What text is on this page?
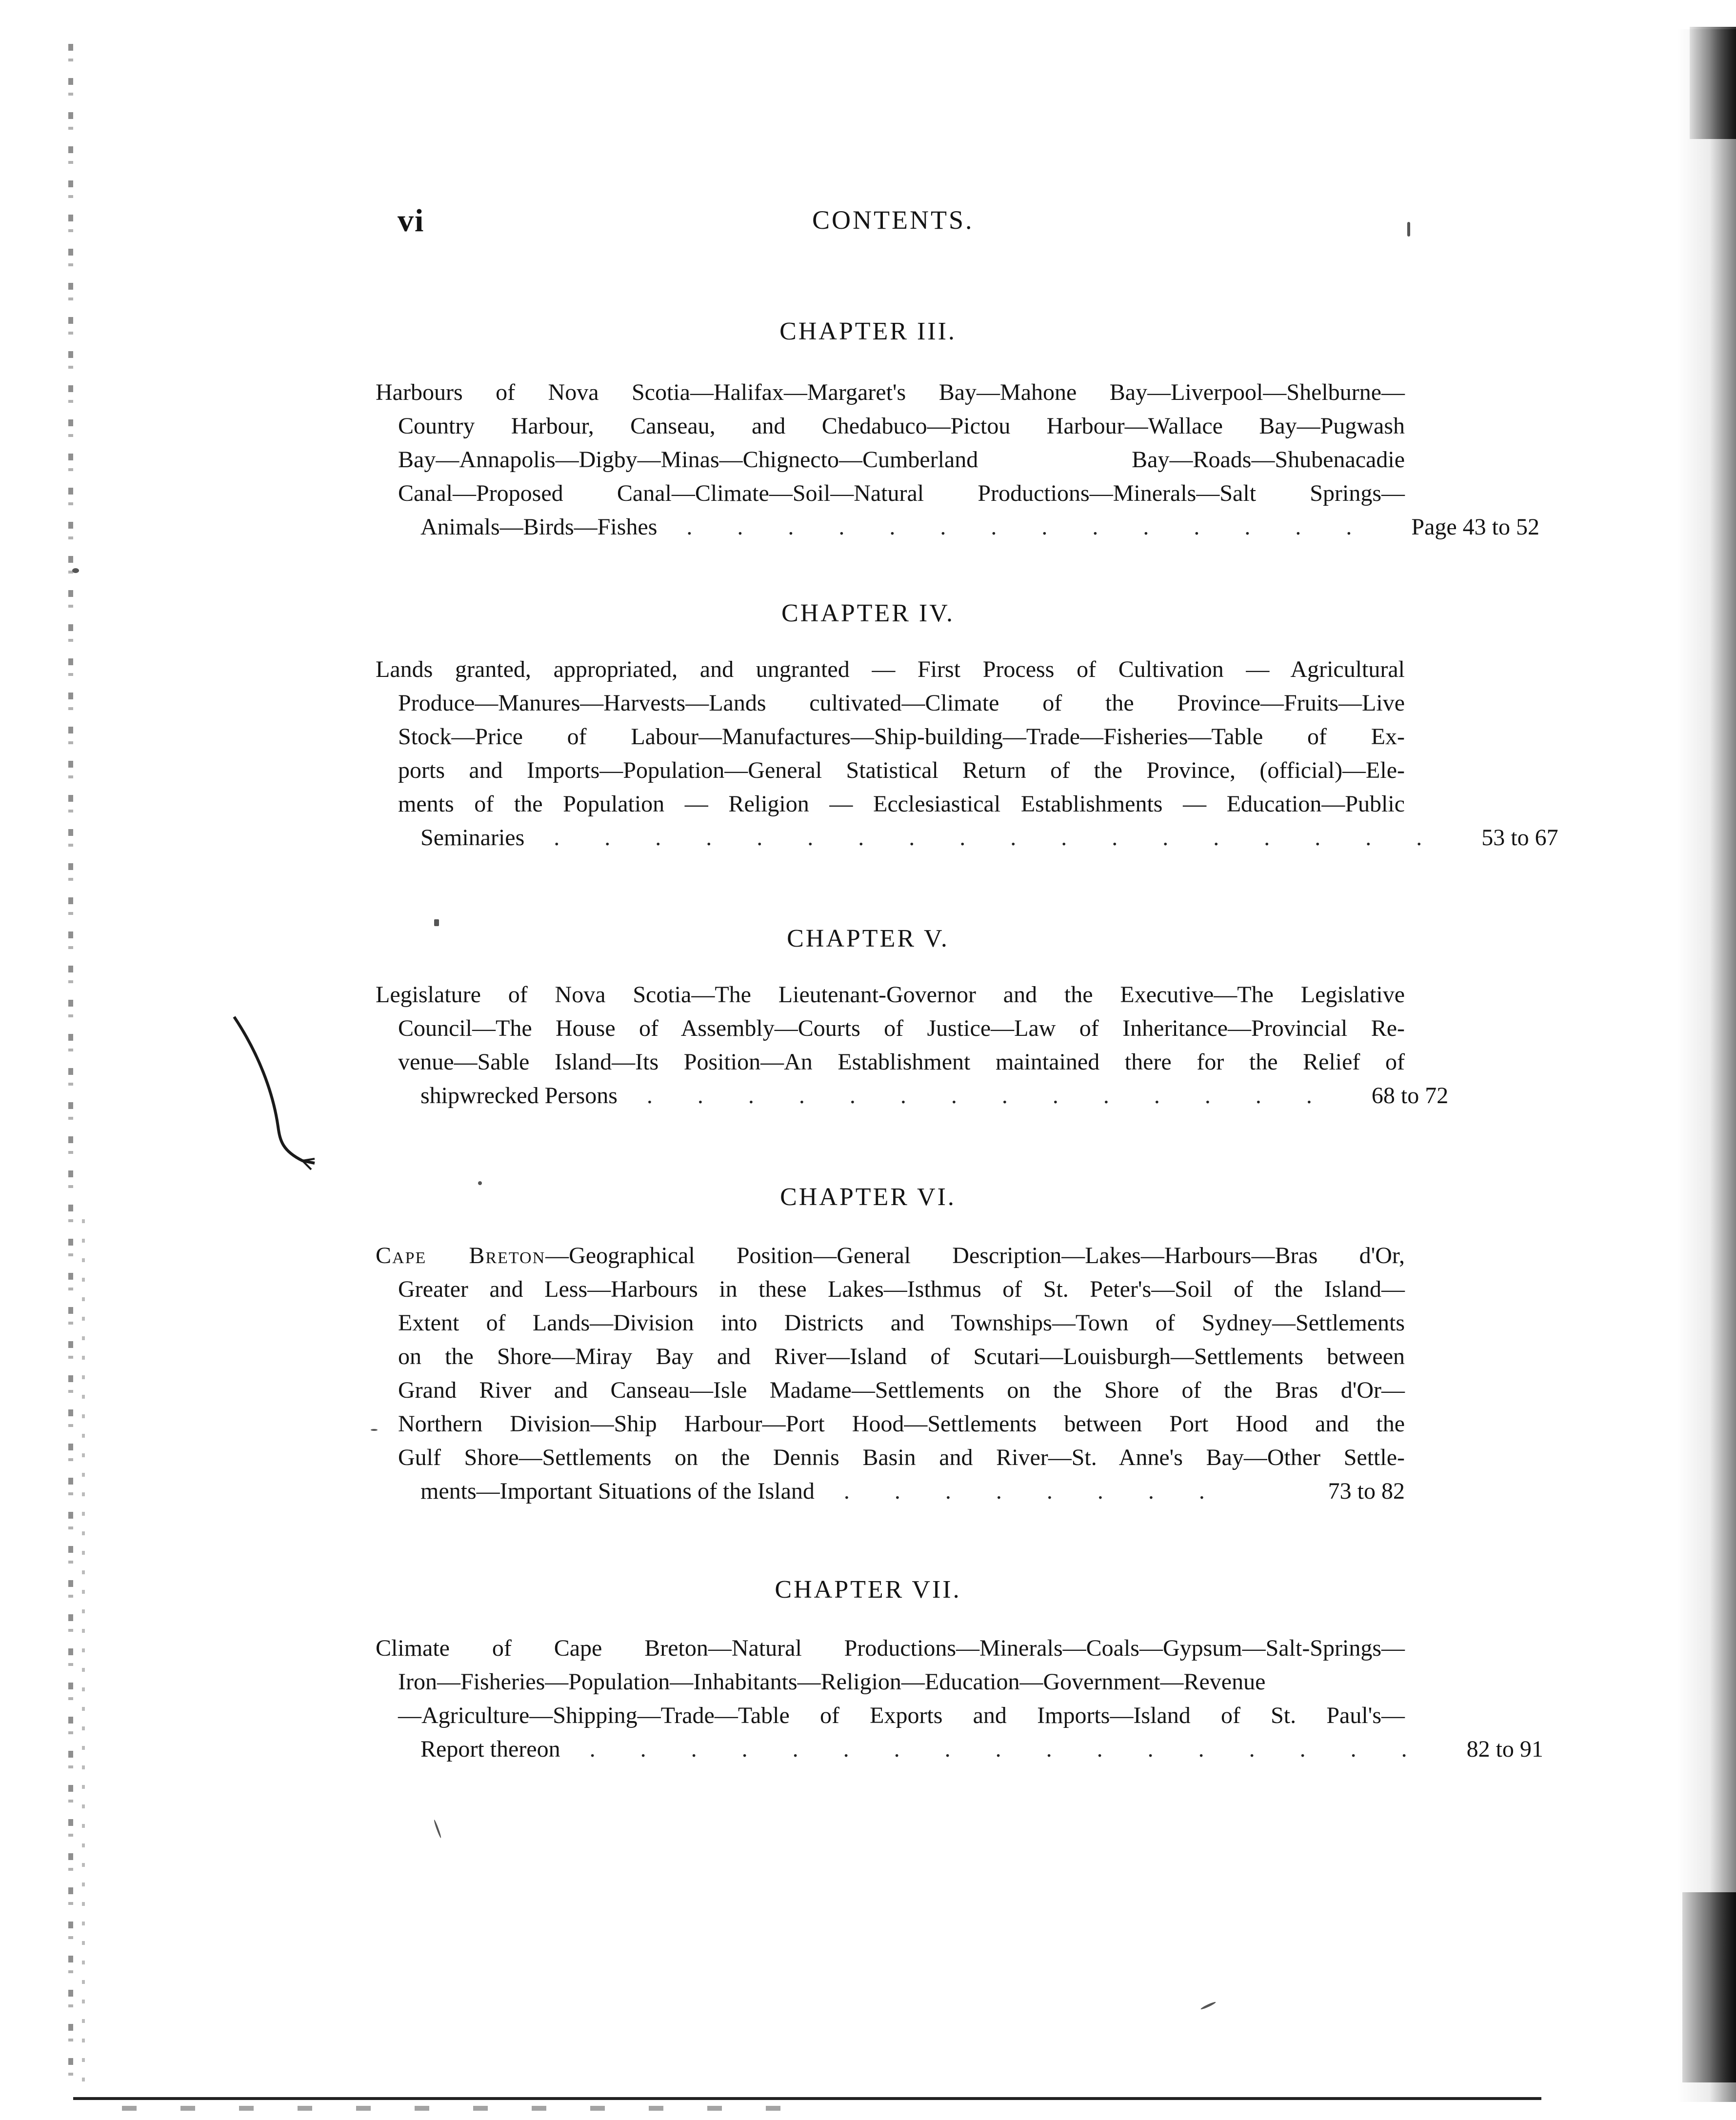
vi	CONTENTS.
CHAPTER III.
Harbours of Nova Scotia—Halifax—Margaret's Bay—Mahone Bay—Liverpool—Shelburne—
Country Harbour, Canseau, and Chedabuco—Pictou Harbour—Wallace Bay—Pugwash
Bay—Annapolis—Digby—Minas—Chignecto—Cumberland Bay—Roads—Shubenacadie
Canal—Proposed Canal—Climate—Soil—Natural Productions—Minerals—Salt Springs—
Animals—Birds—Fishes	.............. Page 43 to 52
CHAPTER IV.
Lands granted, appropriated, and ungranted — First Process of Cultivation — Agricultural
Produce—Manures—Harvests—Lands cultivated—Climate of the Province—Fruits—Live
Stock—Price of Labour—Manufactures—Ship-building—Trade—Fisheries—Table of Ex-
ports and Imports—Population—General Statistical Return of the Province, (official)—Ele-
ments of the Population — Religion — Ecclesiastical Establishments — Education—Public
Seminaries	.................. 53 to 67
CHAPTER V.
Legislature of Nova Scotia—The Lieutenant-Governor and the Executive—The Legislative
Council—The House of Assembly—Courts of Justice—Law of Inheritance—Provincial Re-
venue—Sable Island—Its Position—An Establishment maintained there for the Relief of
shipwrecked Persons	.............. 68 to 72
CHAPTER VI.
Cape Breton—Geographical Position—General Description—Lakes—Harbours—Bras d'Or,
Greater and Less—Harbours in these Lakes—Isthmus of St. Peter's—Soil of the Island—
Extent of Lands—Division into Districts and Townships—Town of Sydney—Settlements
on the Shore—Miray Bay and River—Island of Scutari—Louisburgh—Settlements between
Grand River and Canseau—Isle Madame—Settlements on the Shore of the Bras d'Or—
Northern Division—Ship Harbour—Port Hood—Settlements between Port Hood and the
Gulf Shore—Settlements on the Dennis Basin and River—St. Anne's Bay—Other Settle-
ments—Important Situations of the Island	........	73 to 82
CHAPTER VII.
Climate of Cape Breton—Natural Productions—Minerals—Coals—Gypsum—Salt-Springs—
Iron—Fisheries—Population—Inhabitants—Religion—Education—Government—Revenue
—Agriculture—Shipping—Trade—Table of Exports and Imports—Island of St. Paul's—
Report thereon	................. 82 to 91
